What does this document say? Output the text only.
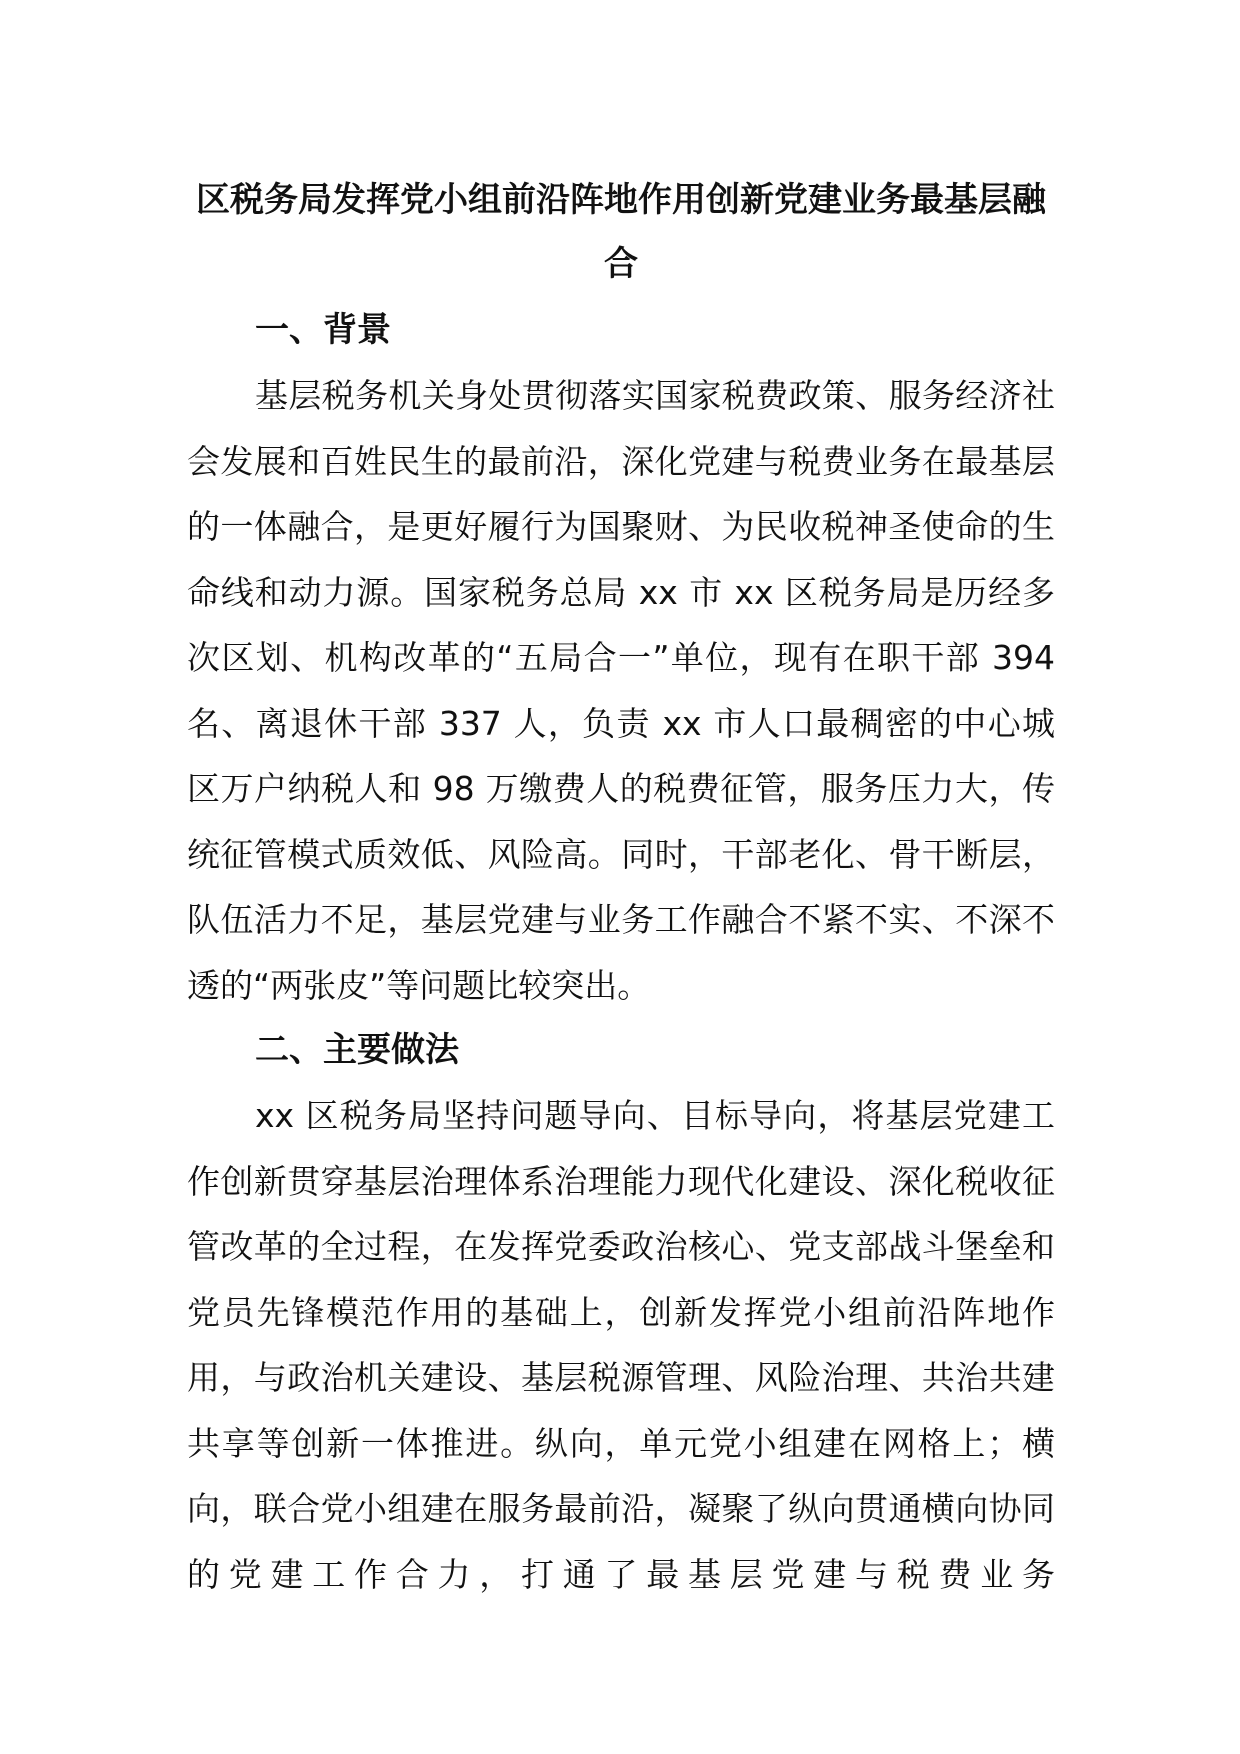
区税务局发挥党小组前沿阵地作用创新党建业务最基层融合
一、背景

基层税务机关身处贯彻落实国家税费政策、服务经济社会发展和百姓民生的最前沿，深化党建与税费业务在最基层的一体融合，是更好履行为国聚财、为民收税神圣使命的生命线和动力源。国家税务总局 xx 市 xx 区税务局是历经多次区划、机构改革的“五局合一”单位，现有在职干部 394 名、离退休干部 337 人，负责 xx 市人口最稠密的中心城区万户纳税人和 98 万缴费人的税费征管，服务压力大，传统征管模式质效低、风险高。同时，干部老化、骨干断层，队伍活力不足，基层党建与业务工作融合不紧不实、不深不透的“两张皮”等问题比较突出。

二、主要做法

xx 区税务局坚持问题导向、目标导向，将基层党建工作创新贯穿基层治理体系治理能力现代化建设、深化税收征管改革的全过程，在发挥党委政治核心、党支部战斗堡垒和党员先锋模范作用的基础上，创新发挥党小组前沿阵地作用，与政治机关建设、基层税源管理、风险治理、共治共建共享等创新一体推进。纵向，单元党小组建在网格上；横向，联合党小组建在服务最前沿，凝聚了纵向贯通横向协同的党建工作合力，打通了最基层党建与税费业务
